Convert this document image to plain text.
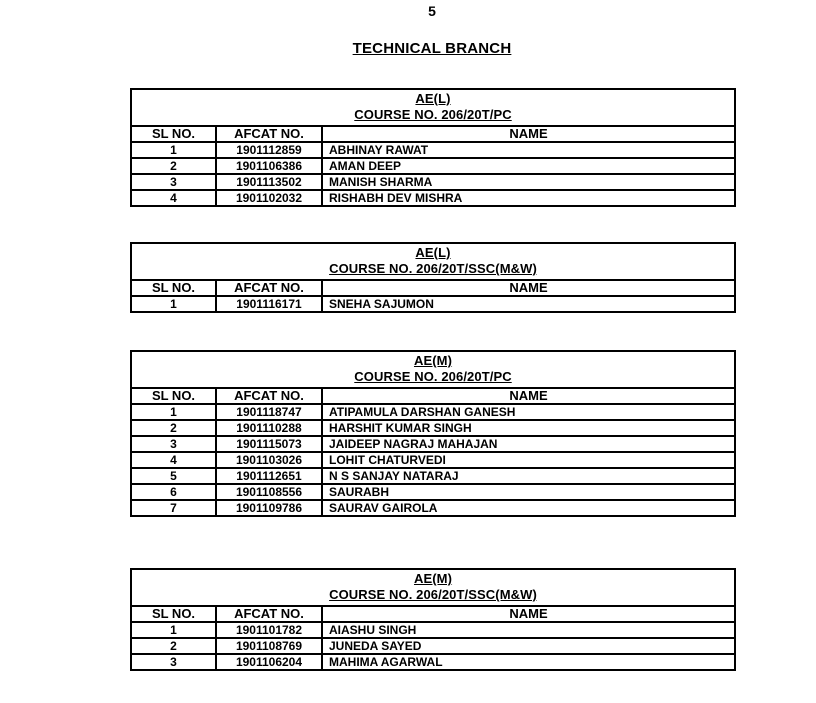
5
TECHNICAL BRANCH
AE(L)
COURSE NO. 206/20T/PC		

SL NO.	AFCAT NO.	NAME
1	1901112859	ABHINAY RAWAT
2	1901106386	AMAN DEEP
3	1901113502	MANISH SHARMA
4	1901102032	RISHABH DEV MISHRA
AE(L)
COURSE NO. 206/20T/SSC(M&W)		

SL NO.	AFCAT NO.	NAME
1	1901116171	SNEHA SAJUMON
AE(M)
COURSE NO. 206/20T/PC		

SL NO.	AFCAT NO.	NAME
1	1901118747	ATIPAMULA DARSHAN GANESH
2	1901110288	HARSHIT KUMAR SINGH
3	1901115073	JAIDEEP NAGRAJ MAHAJAN
4	1901103026	LOHIT CHATURVEDI
5	1901112651	N S SANJAY NATARAJ
6	1901108556	SAURABH
7	1901109786	SAURAV GAIROLA
AE(M)
COURSE NO. 206/20T/SSC(M&W)		

SL NO.	AFCAT NO.	NAME
1	1901101782	AIASHU SINGH
2	1901108769	JUNEDA SAYED
3	1901106204	MAHIMA AGARWAL
